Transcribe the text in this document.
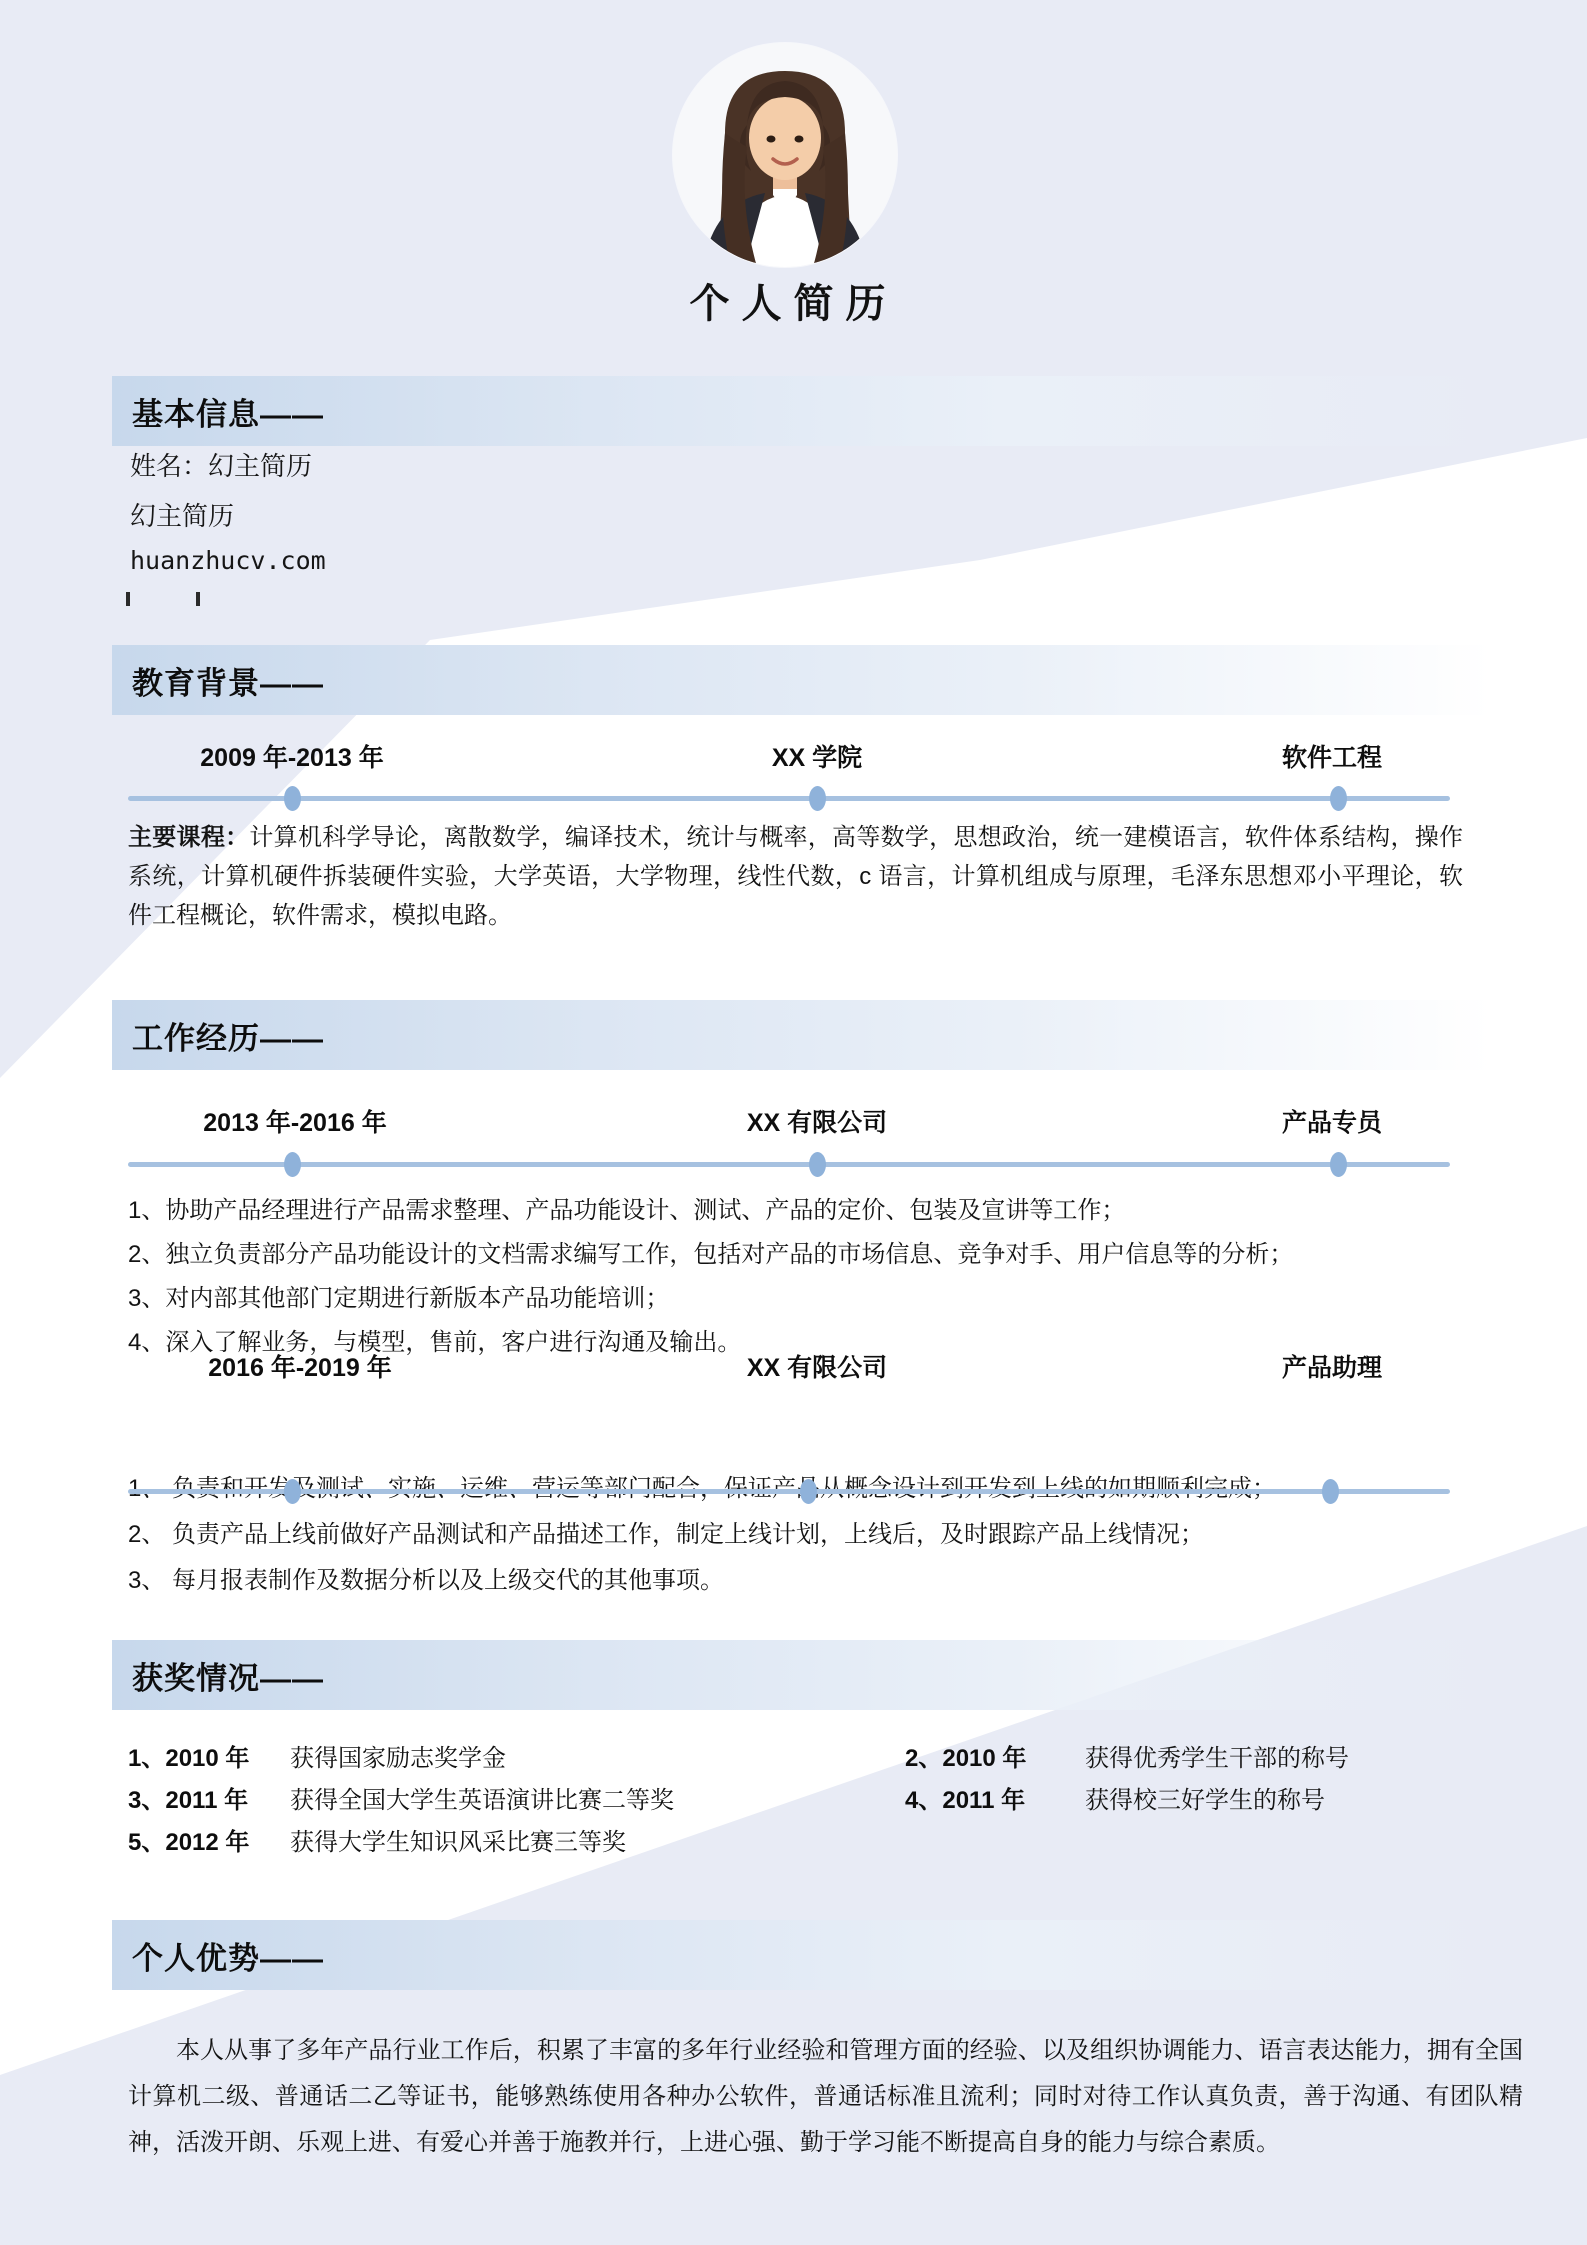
个人简历
基本信息——
姓名：幻主简历
幻主简历
huanzhucv.com
教育背景——
2009 年-2013 年	XX 学院	软件工程
主要课程：计算机科学导论，离散数学，编译技术，统计与概率，高等数学，思想政治，统一建模语言，软件体系结构，操作系统，计算机硬件拆装硬件实验，大学英语，大学物理，线性代数，c 语言，计算机组成与原理，毛泽东思想邓小平理论，软件工程概论，软件需求，模拟电路。
工作经历——
2013 年-2016 年	XX 有限公司	产品专员
1、协助产品经理进行产品需求整理、产品功能设计、测试、产品的定价、包装及宣讲等工作；
2、独立负责部分产品功能设计的文档需求编写工作，包括对产品的市场信息、竞争对手、用户信息等的分析；
3、对内部其他部门定期进行新版本产品功能培训；
4、深入了解业务，与模型，售前，客户进行沟通及输出。
2016 年-2019 年	XX 有限公司	产品助理
2、 负责产品上线前做好产品测试和产品描述工作，制定上线计划，上线后，及时跟踪产品上线情况；
3、 每月报表制作及数据分析以及上级交代的其他事项。
获奖情况——
1、2010 年 获得国家励志奖学金
3、2011 年 获得全国大学生英语演讲比赛二等奖
5、2012 年 获得大学生知识风采比赛三等奖
2、2010 年 获得优秀学生干部的称号
4、2011 年 获得校三好学生的称号
个人优势——
本人从事了多年产品行业工作后，积累了丰富的多年行业经验和管理方面的经验、以及组织协调能力、语言表达能力，拥有全国计算机二级、普通话二乙等证书，能够熟练使用各种办公软件，普通话标准且流利；同时对待工作认真负责，善于沟通、有团队精神，活泼开朗、乐观上进、有爱心并善于施教并行，上进心强、勤于学习能不断提高自身的能力与综合素质。
